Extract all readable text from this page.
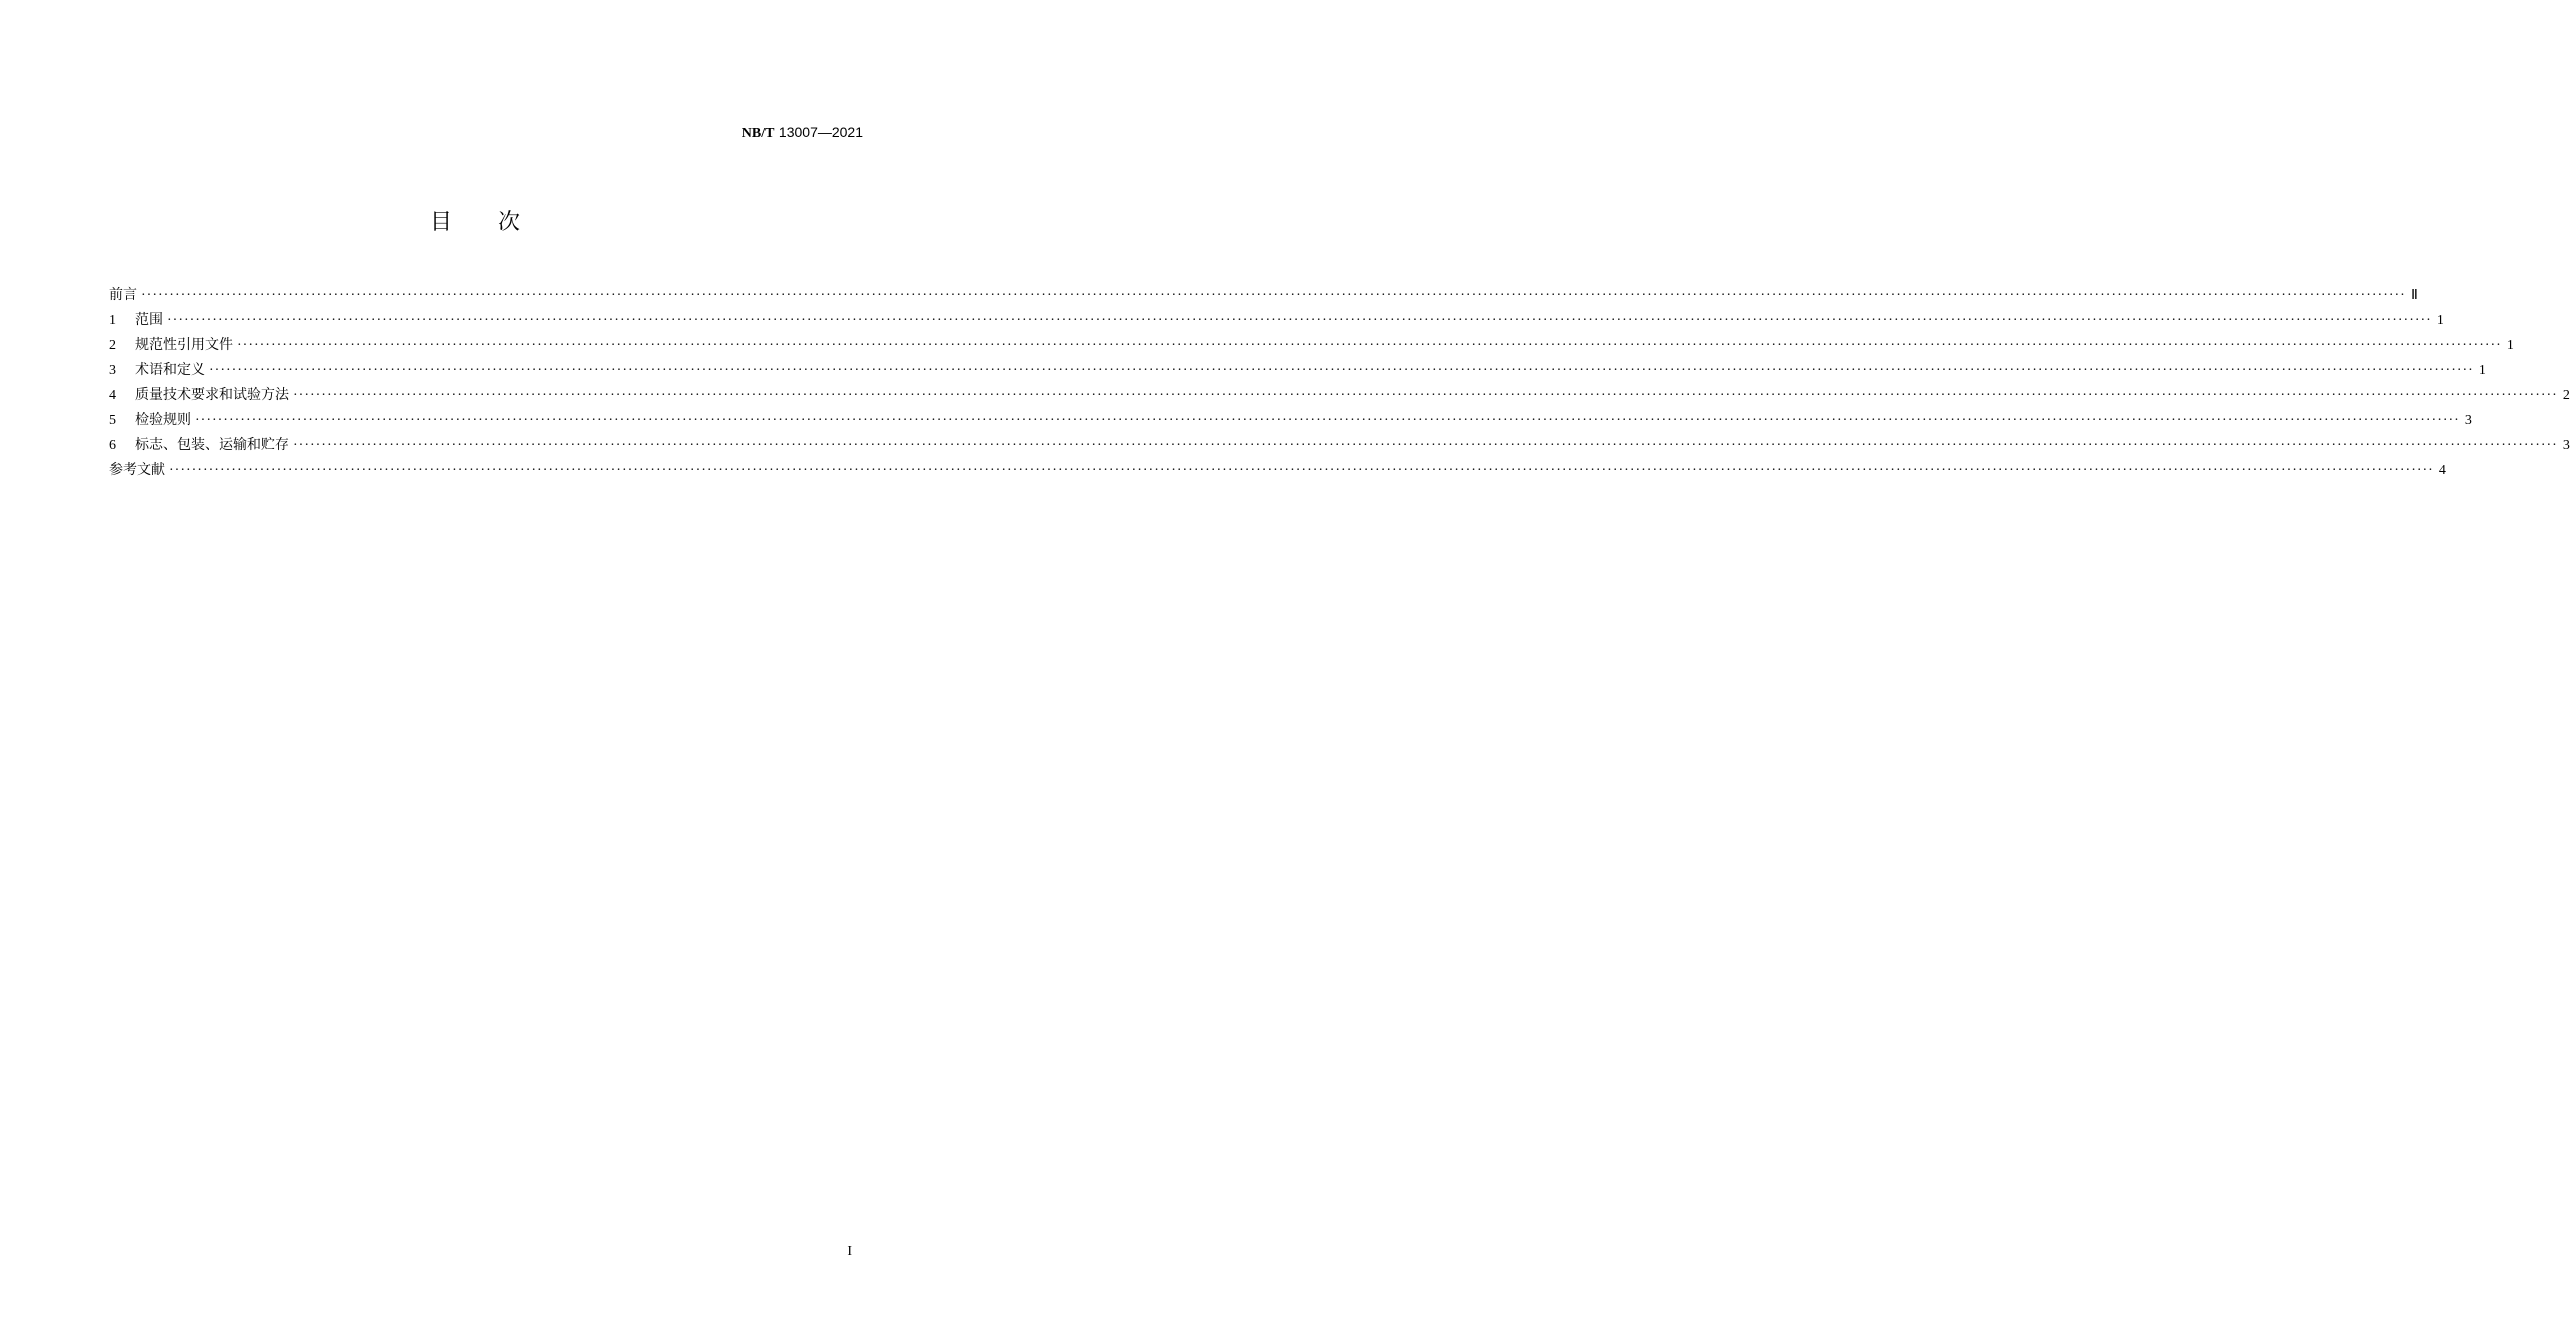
NB/T 13007—2021
目次
前言 ················································································································································································································································································································································································································ Ⅱ
1	范围 ················································································································································································································································································································································································································ 1
2	规范性引用文件 ················································································································································································································································································································································································································ 1
3	术语和定义 ················································································································································································································································································································································································································ 1
4	质量技术要求和试验方法 ················································································································································································································································································································································································································ 2
5	检验规则 ················································································································································································································································································································································································································ 3
6	标志、包装、运输和贮存 ················································································································································································································································································································································································································ 3
参考文献 ················································································································································································································································································································································································································ 4
I
